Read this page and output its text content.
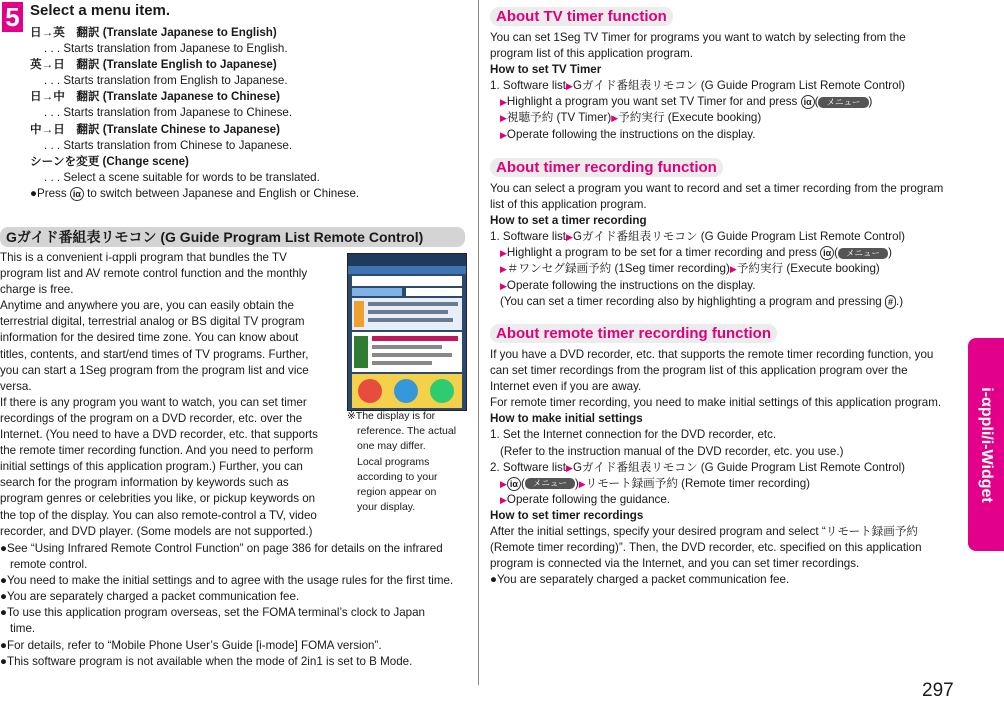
5 Select a menu item.

日→英　翻訳 (Translate Japanese to English)

. . . Starts translation from Japanese to English.

英→日　翻訳 (Translate English to Japanese)

. . . Starts translation from English to Japanese.

日→中　翻訳 (Translate Japanese to Chinese)

. . . Starts translation from Japanese to Chinese.

中→日　翻訳 (Translate Chinese to Japanese)

. . . Starts translation from Chinese to Japanese.

シーンを変更 (Change scene)

. . . Select a scene suitable for words to be translated.

●Press iα to switch between Japanese and English or Chinese.

Gガイド番組表リモコン (G Guide Program List Remote Control)

This is a convenient i-αppli program that bundles the TV

program list and AV remote control function and the monthly

charge is free.

Anytime and anywhere you are, you can easily obtain the

terrestrial digital, terrestrial analog or BS digital TV program

information for the desired time zone. You can know about

titles, contents, and start/end times of TV programs. Further,

you can start a 1Seg program from the program list and vice

versa.

If there is any program you want to watch, you can set timer

recordings of the program on a DVD recorder, etc. over the

Internet. (You need to have a DVD recorder, etc. that supports

the remote timer recording function. And you need to perform

initial settings of this application program.) Further, you can

search for the program information by keywords such as

program genres or celebrities you like, or pickup keywords on

the top of the display. You can also remote-control a TV, video

recorder, and DVD player. (Some models are not supported.)

※The display is for

reference. The actual

one may differ.

Local programs

according to your

region appear on

your display.

●See “Using Infrared Remote Control Function” on page 386 for details on the infrared

remote control.

●You need to make the initial settings and to agree with the usage rules for the first time.

●You are separately charged a packet communication fee.

●To use this application program overseas, set the FOMA terminal’s clock to Japan

time.

●For details, refer to “Mobile Phone User’s Guide [i-mode] FOMA version”.

●This software program is not available when the mode of 2in1 is set to B Mode.

About TV timer function

You can set 1Seg TV Timer for programs you want to watch by selecting from the

program list of this application program.

How to set TV Timer

1. Software list▶Gガイド番組表リモコン (G Guide Program List Remote Control)

▶Highlight a program you want set TV Timer for and press iα ( メニュー )

▶視聴予約 (TV Timer)▶予約実行 (Execute booking)

▶Operate following the instructions on the display.

About timer recording function

You can select a program you want to record and set a timer recording from the program

list of this application program.

How to set a timer recording

1. Software list▶Gガイド番組表リモコン (G Guide Program List Remote Control)

▶Highlight a program to be set for a timer recording and press iα ( メニュー )

▶＃ワンセグ録画予約 (1Seg timer recording)▶予約実行 (Execute booking)

▶Operate following the instructions on the display.

(You can set a timer recording also by highlighting a program and pressing # .)

About remote timer recording function

If you have a DVD recorder, etc. that supports the remote timer recording function, you

can set timer recordings from the program list of this application program over the

Internet even if you are away.

For remote timer recording, you need to make initial settings of this application program.

How to make initial settings

1. Set the Internet connection for the DVD recorder, etc.

(Refer to the instruction manual of the DVD recorder, etc. you use.)

2. Software list▶Gガイド番組表リモコン (G Guide Program List Remote Control)

▶ iα ( メニュー )▶リモート録画予約 (Remote timer recording)

▶Operate following the guidance.

How to set timer recordings

After the initial settings, specify your desired program and select “リモート録画予約

(Remote timer recording)”. Then, the DVD recorder, etc. specified on this application

program is connected via the Internet, and you can set timer recordings.

●You are separately charged a packet communication fee.

i-αppli/i-Widget
297
